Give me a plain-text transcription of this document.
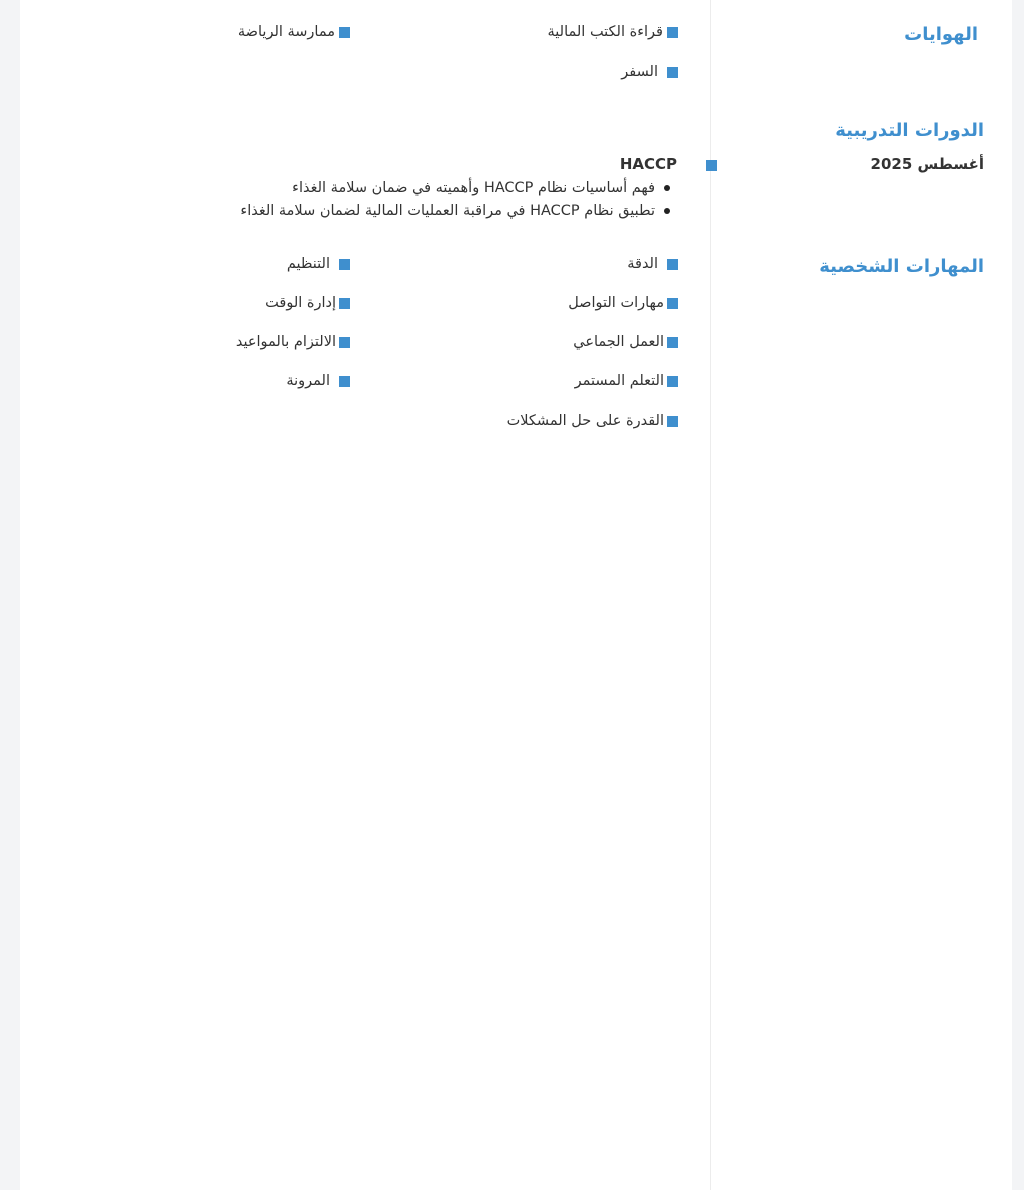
الهوايات
قراءة الكتب المالية
ممارسة الرياضة
السفر
الدورات التدريبية
أغسطس 2025
HACCP
فهم أساسيات نظام HACCP وأهميته في ضمان سلامة الغذاء
تطبيق نظام HACCP في مراقبة العمليات المالية لضمان سلامة الغذاء
المهارات الشخصية
الدقة
التنظيم
مهارات التواصل
إدارة الوقت
العمل الجماعي
الالتزام بالمواعيد
التعلم المستمر
المرونة
القدرة على حل المشكلات
